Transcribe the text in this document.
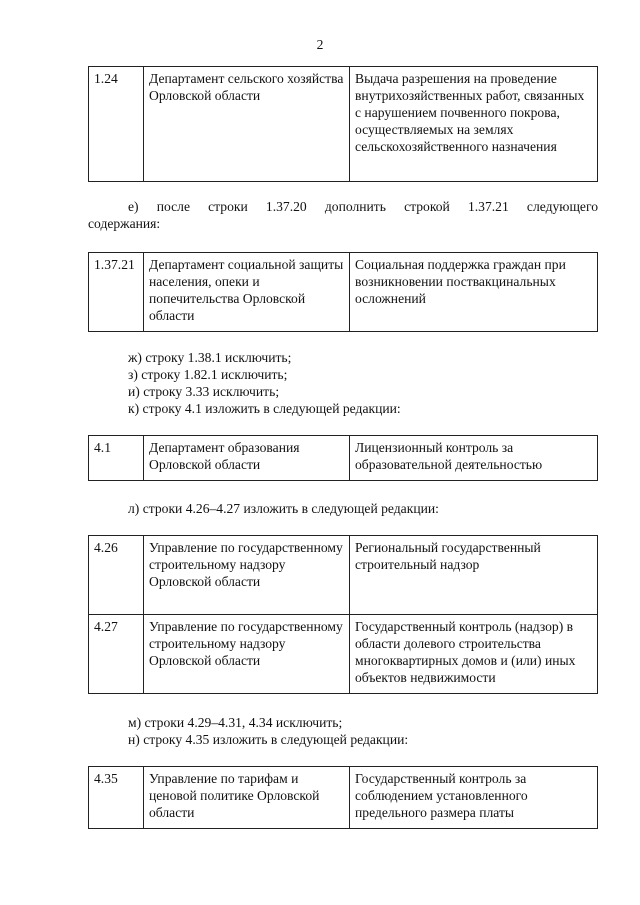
2
1.24	Департамент сельского хозяйства Орловской области	Выдача разрешения на проведение внутрихозяйственных работ, связанных с нарушением почвенного покрова, осуществляемых на землях сельскохозяйственного назначения
е) после строки 1.37.20 дополнить строкой 1.37.21 следующего
содержания:
1.37.21	Департамент социальной защиты населения, опеки и попечительства Орловской области	Социальная поддержка граждан при возникновении поствакцинальных осложнений
ж) строку 1.38.1 исключить;
з) строку 1.82.1 исключить;
и) строку 3.33 исключить;
к) строку 4.1 изложить в следующей редакции:
4.1	Департамент образования Орловской области	Лицензионный контроль за образовательной деятельностью
л) строки 4.26–4.27 изложить в следующей редакции:
4.26	Управление по государственному строительному надзору Орловской области	Региональный государственный строительный надзор
4.27	Управление по государственному строительному надзору Орловской области	Государственный контроль (надзор) в области долевого строительства многоквартирных домов и (или) иных объектов недвижимости
м) строки 4.29–4.31, 4.34 исключить;
н) строку 4.35 изложить в следующей редакции:
4.35	Управление по тарифам и ценовой политике Орловской области	Государственный контроль за соблюдением установленного предельного размера платы
